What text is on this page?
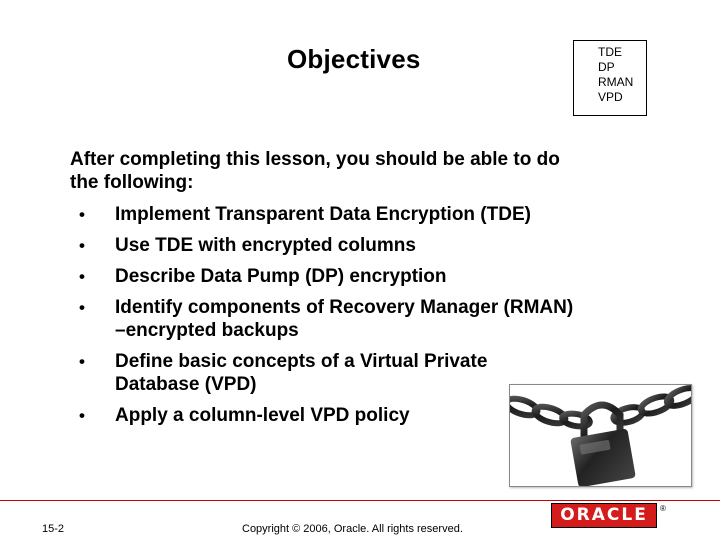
Objectives	TDE
DP
RMAN
VPD

After completing this lesson, you should be able to do
the following:

• Implement Transparent Data Encryption (TDE)
• Use TDE with encrypted columns
• Describe Data Pump (DP) encryption
• Identify components of Recovery Manager (RMAN)
–encrypted backups
• Define basic concepts of a Virtual Private
Database (VPD)
• Apply a column-level VPD policy
15-2	Copyright © 2006, Oracle. All rights reserved.
ORACLE	®
